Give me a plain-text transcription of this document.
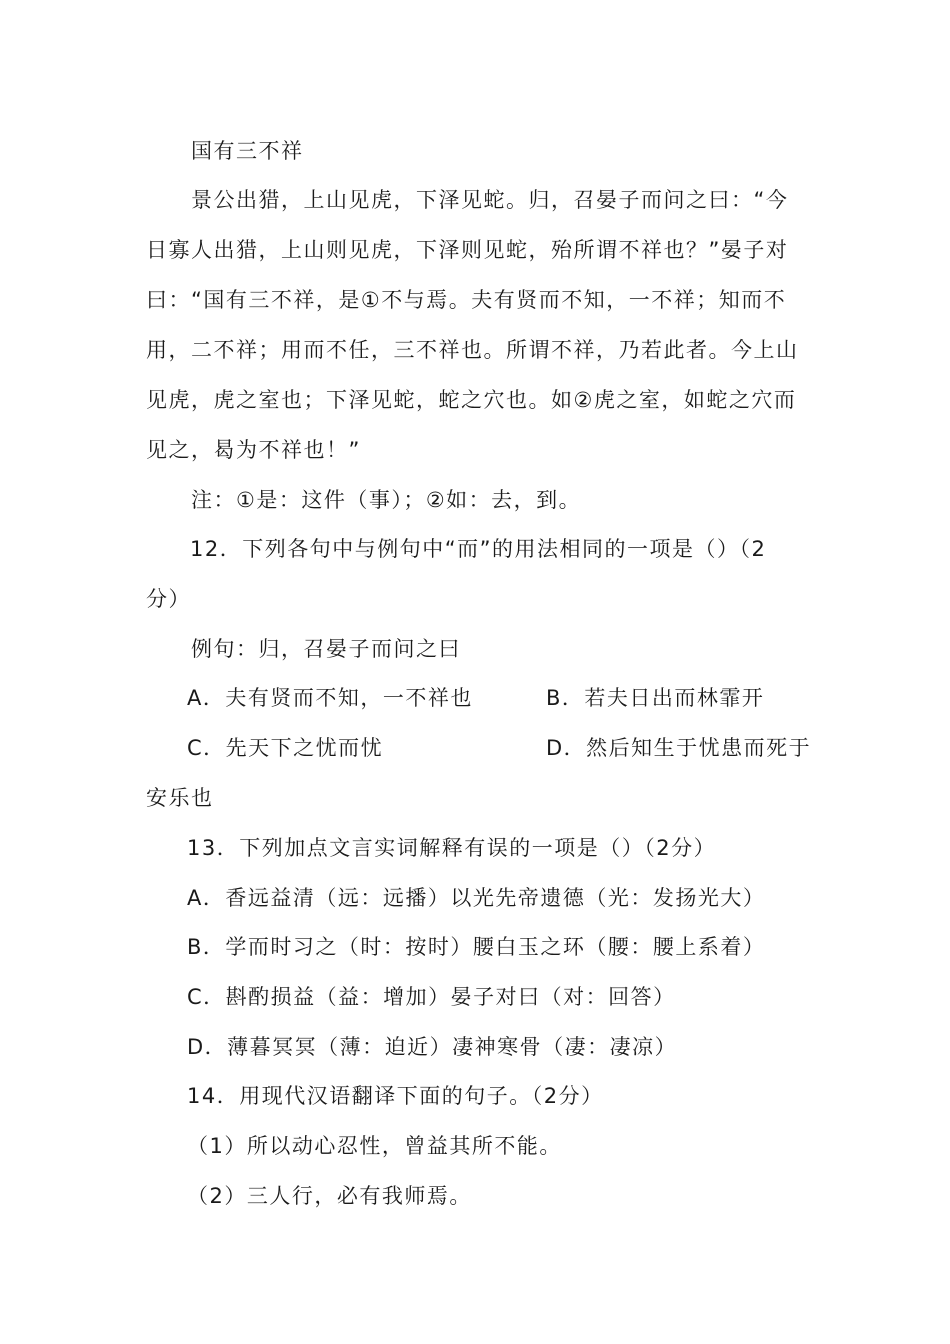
国有三不祥
景公出猎，上山见虎，下泽见蛇。归，召晏子而问之曰：“今
日寡人出猎，上山则见虎，下泽则见蛇，殆所谓不祥也？”晏子对
曰：“国有三不祥，是①不与焉。夫有贤而不知，一不祥；知而不
用，二不祥；用而不任，三不祥也。所谓不祥，乃若此者。今上山
见虎，虎之室也；下泽见蛇，蛇之穴也。如②虎之室，如蛇之穴而
见之，曷为不祥也！”
注：①是：这件（事）；②如：去，到。
12．下列各句中与例句中“而”的用法相同的一项是（）（2
分）
例句：归，召晏子而问之曰
A．夫有贤而不知，一不祥也	B．若夫日出而林霏开
C．先天下之忧而忧	D．然后知生于忧患而死于
安乐也
13．下列加点文言实词解释有误的一项是（）（2分）
A．香远益清（远：远播）以光先帝遗德（光：发扬光大）
B．学而时习之（时：按时）腰白玉之环（腰：腰上系着）
C．斟酌损益（益：增加）晏子对曰（对：回答）
D．薄暮冥冥（薄：迫近）凄神寒骨（凄：凄凉）
14．用现代汉语翻译下面的句子。（2分）
（1）所以动心忍性，曾益其所不能。
（2）三人行，必有我师焉。
